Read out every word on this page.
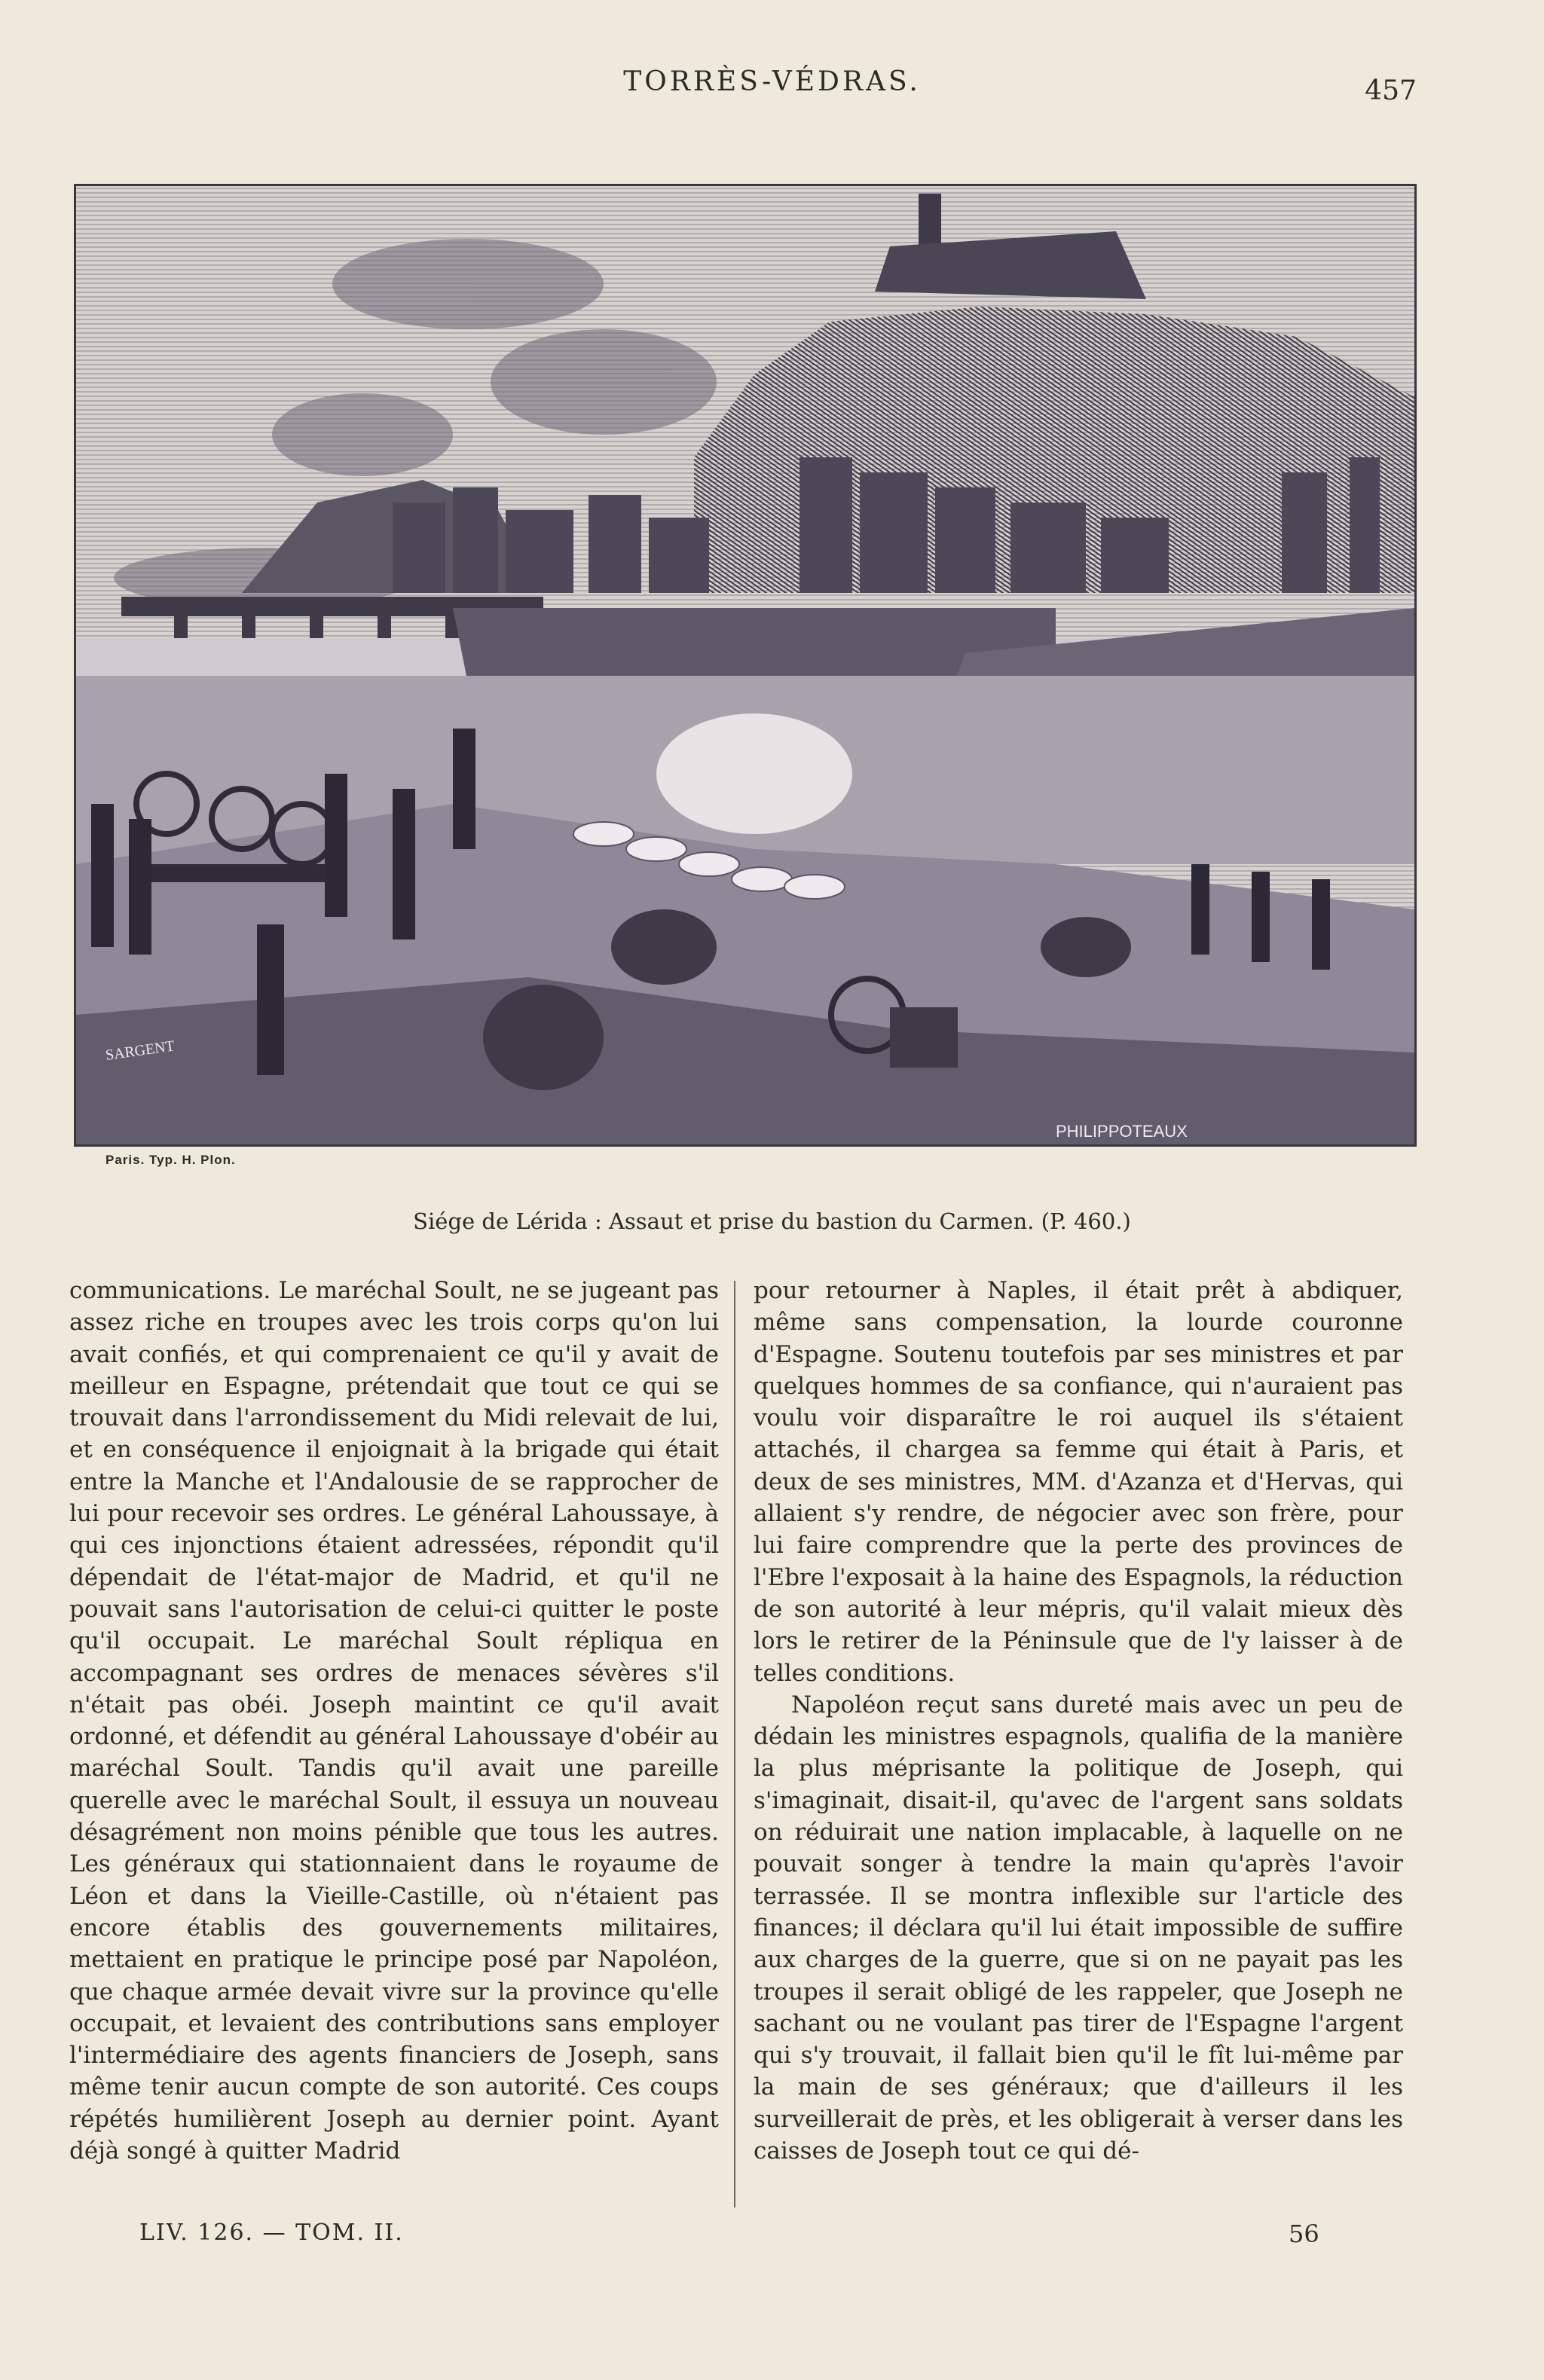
TORRÈS-VÉDRAS.	457
SARGENT
PHILIPPOTEAUX
Paris. Typ. H. Plon.
Siége de Lérida : Assaut et prise du bastion du Carmen. (P. 460.)

communications. Le maréchal Soult, ne se jugeant pas assez riche en troupes avec les trois corps qu'on lui avait confiés, et qui comprenaient ce qu'il y avait de meilleur en Espagne, prétendait que tout ce qui se trouvait dans l'arrondissement du Midi relevait de lui, et en conséquence il enjoignait à la brigade qui était entre la Manche et l'Andalousie de se rapprocher de lui pour recevoir ses ordres. Le général Lahoussaye, à qui ces injonctions étaient adressées, répondit qu'il dépendait de l'état-major de Madrid, et qu'il ne pouvait sans l'autorisation de celui-ci quitter le poste qu'il occupait. Le maréchal Soult répliqua en accompagnant ses ordres de menaces sévères s'il n'était pas obéi. Joseph maintint ce qu'il avait ordonné, et défendit au général Lahoussaye d'obéir au maréchal Soult. Tandis qu'il avait une pareille querelle avec le maréchal Soult, il essuya un nouveau désagrément non moins pénible que tous les autres. Les généraux qui stationnaient dans le royaume de Léon et dans la Vieille-Castille, où n'étaient pas encore établis des gouvernements militaires, mettaient en pratique le principe posé par Napoléon, que chaque armée devait vivre sur la province qu'elle occupait, et levaient des contributions sans employer l'intermédiaire des agents financiers de Joseph, sans même tenir aucun compte de son autorité. Ces coups répétés humilièrent Joseph au dernier point. Ayant déjà songé à quitter Madrid

pour retourner à Naples, il était prêt à abdiquer, même sans compensation, la lourde couronne d'Espagne. Soutenu toutefois par ses ministres et par quelques hommes de sa confiance, qui n'auraient pas voulu voir disparaître le roi auquel ils s'étaient attachés, il chargea sa femme qui était à Paris, et deux de ses ministres, MM. d'Azanza et d'Hervas, qui allaient s'y rendre, de négocier avec son frère, pour lui faire comprendre que la perte des provinces de l'Ebre l'exposait à la haine des Espagnols, la réduction de son autorité à leur mépris, qu'il valait mieux dès lors le retirer de la Péninsule que de l'y laisser à de telles conditions.

Napoléon reçut sans dureté mais avec un peu de dédain les ministres espagnols, qualifia de la manière la plus méprisante la politique de Joseph, qui s'imaginait, disait-il, qu'avec de l'argent sans soldats on réduirait une nation implacable, à laquelle on ne pouvait songer à tendre la main qu'après l'avoir terrassée. Il se montra inflexible sur l'article des finances; il déclara qu'il lui était impossible de suffire aux charges de la guerre, que si on ne payait pas les troupes il serait obligé de les rappeler, que Joseph ne sachant ou ne voulant pas tirer de l'Espagne l'argent qui s'y trouvait, il fallait bien qu'il le fît lui-même par la main de ses généraux; que d'ailleurs il les surveillerait de près, et les obligerait à verser dans les caisses de Joseph tout ce qui dé-

LIV. 126. — TOM. II.	56
